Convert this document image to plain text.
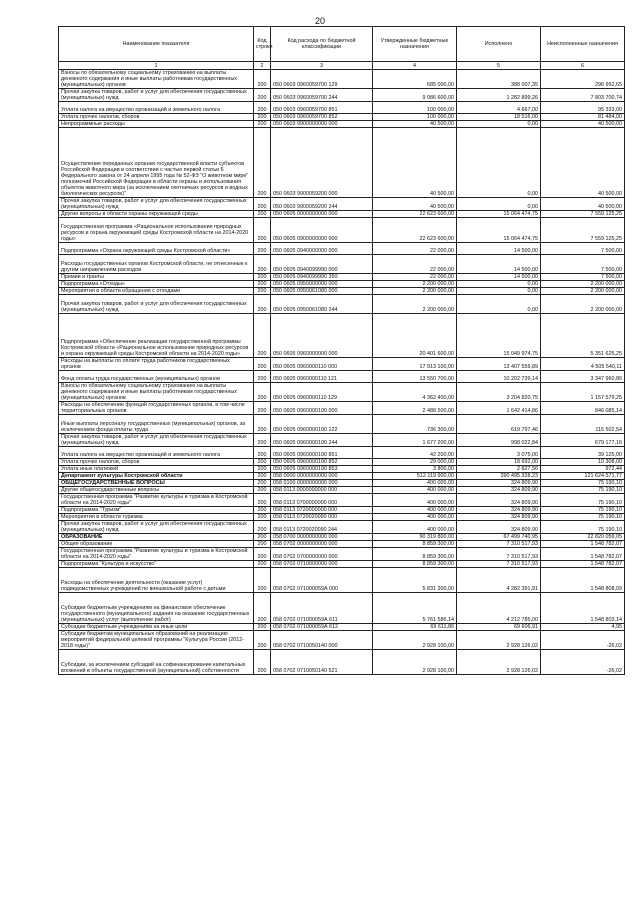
20
Наименование показателя	Код строки	Код расхода по бюджетной классификации	Утвержденные бюджетные назначения	Исполнено	Неисполненные назначения
1	2	3	4	5	6
Взносы по обязательному социальному страхованию на выплаты денежного содержания и иные выплаты работникам государственных (муниципальных) органов	200	050 0603 0960059700 129	685 000,00	388 007,35	296 992,65
Прочая закупка товаров, работ и услуг для обеспечения государственных (муниципальных) нужд	200	050 0603 0960059700 244	9 086 600,00	1 282 899,26	7 803 700,74
Уплата налога на имущество организаций и земельного налога	200	050 0603 0960059700 851	100 000,00	4 667,00	95 333,00
Уплата прочих налогов, сборов	200	050 0603 0960059700 852	100 000,00	18 516,00	81 484,00
Непрограммные расходы	200	050 0603 9900000000 000	40 500,00	0,00	40 500,00
Осуществление переданных органам государственной власти субъектов Российской Федерации в соответствии с частью первой статьи 6 Федерального закона от 24 апреля 1995 года № 52-ФЗ "О животном мире" полномочий Российской Федерации в области охраны и использования объектов животного мира (за исключением охотничьих ресурсов и водных биологических ресурсов)"	200	050 0603 9900059200 000	40 500,00	0,00	40 500,00
Прочая закупка товаров, работ и услуг для обеспечения государственных (муниципальных) нужд	200	050 0603 9900059200 244	40 500,00	0,00	40 500,00
Другие вопросы в области охраны окружающей среды	200	050 0605 0000000000 000	22 623 600,00	15 064 474,75	7 559 125,25
Государственная программа «Рациональное использование природных ресурсов и охрана окружающей среды Костромской области на 2014-2020 годы»	200	050 0605 0900000000 000	22 623 600,00	15 064 474,75	7 559 125,25
Подпрограмма «Охрана окружающей среды Костромской области»	200	050 0605 0940000000 000	22 000,00	14 500,00	7 500,00
Расходы государственных органов Костромской области, не отнесенные к другим направлениям расходов	200	050 0605 0940099990 000	22 000,00	14 500,00	7 500,00
Премии и гранты	200	050 0605 0940099990 350	22 000,00	14 500,00	7 500,00
Подпрограмма «Отходы»	200	050 0605 0950000000 000	2 200 000,00	0,00	2 200 000,00
Мероприятия в области обращения с отходами	200	050 0605 0950061080 000	2 200 000,00	0,00	2 200 000,00
Прочая закупка товаров, работ и услуг для обеспечения государственных (муниципальных) нужд	200	050 0605 0950061080 244	2 200 000,00	0,00	2 200 000,00
Подпрограмма «Обеспечение реализации государственной программы Костромской области «Рациональное использование природных ресурсов и охрана окружающей среды Костромской области на 2014-2020 годы»	200	050 0605 0960000000 000	20 401 600,00	15 049 974,75	5 351 625,25
Расходы на выплаты по оплате труда работников государственных органов	200	050 0605 0960000110 000	17 913 100,00	13 407 559,89	4 505 540,11
Фонд оплаты труда государственных (муниципальных) органов	200	050 0605 0960000110 121	13 550 700,00	10 202 739,14	3 347 960,86
Взносы по обязательному социальному страхованию на выплаты денежного содержания и иные выплаты работникам государственных (муниципальных) органов	200	050 0605 0960000110 129	4 362 400,00	3 204 820,75	1 157 579,25
Расходы на обеспечение функций государственных органов, в том числе территориальных органов	200	050 0605 0960000190 000	2 488 500,00	1 642 414,86	846 085,14
Иные выплаты персоналу государственных (муниципальных) органов, за исключением фонда оплаты труда	200	050 0605 0960000190 122	736 300,00	619 797,46	116 502,54
Прочая закупка товаров, работ и услуг для обеспечения государственных (муниципальных) нужд	200	050 0605 0960000190 244	1 677 200,00	998 022,84	679 177,16
Уплата налога на имущество организаций и земельного налога	200	050 0605 0960000190 851	42 200,00	3 075,00	39 125,00
Уплата прочих налогов, сборов	200	050 0605 0960000190 852	29 000,00	18 692,00	10 308,00
Уплата иных платежей	200	050 0605 0960000190 853	3 800,00	2 827,56	972,44
Департамент культуры Костромской области	200	058 0000 0000000000 000	512 119 900,00	390 495 328,23	121 624 571,77
ОБЩЕГОСУДАРСТВЕННЫЕ ВОПРОСЫ	200	058 0100 0000000000 000	400 000,00	324 809,90	75 190,10
Другие общегосударственные вопросы	200	058 0113 0000000000 000	400 000,00	324 809,90	75 190,10
Государственная программа "Развитие культуры и туризма в Костромской области на 2014-2020 годы"	200	058 0113 0700000000 000	400 000,00	324 809,90	75 190,10
Подпрограмма "Туризм"	200	058 0113 0720000000 000	400 000,00	324 809,90	75 190,10
Мероприятия в области туризма	200	058 0113 0720020090 000	400 000,00	324 809,90	75 190,10
Прочая закупка товаров, работ и услуг для обеспечения государственных (муниципальных) нужд	200	058 0113 0720020090 244	400 000,00	324 809,90	75 190,10
ОБРАЗОВАНИЕ	200	058 0700 0000000000 000	90 319 800,00	67 499 740,95	22 820 059,05
Общее образование	200	058 0702 0000000000 000	8 859 300,00	7 310 517,93	1 548 782,07
Государственная программа "Развитие культуры и туризма в Костромской области на 2014-2020 годы"	200	058 0702 0700000000 000	8 859 300,00	7 310 517,93	1 548 782,07
Подпрограмма "Культура и искусство"	200	058 0702 0710000000 000	8 859 300,00	7 310 517,93	1 548 782,07
Расходы на обеспечение деятельности (оказание услуг) подведомственных учреждений по внешкольной работе с детьми	200	058 0702 071000059А 000	5 831 200,00	4 282 391,91	1 548 808,09
Субсидии бюджетным учреждениям на финансовое обеспечение государственного (муниципального) задания на оказание государственных (муниципальных) услуг (выполнение работ)	200	058 0702 071000059А 611	5 761 586,14	4 212 785,00	1 548 803,14
Субсидии бюджетным учреждениям на иные цели	200	058 0702 071000059А 612	69 611,86	69 606,91	4,95
Субсидии бюджетам муниципальных образований на реализацию мероприятий федеральной целевой программы "Культура России (2012-2018 годы)"	200	058 0702 0710050140 000	2 928 100,00	2 928 126,02	-26,02
Субсидии, за исключением субсидий на софинансирование капитальных вложений в объекты государственной (муниципальной) собственности	200	058 0702 0710050140 521	2 928 100,00	2 928 126,02	-26,02
